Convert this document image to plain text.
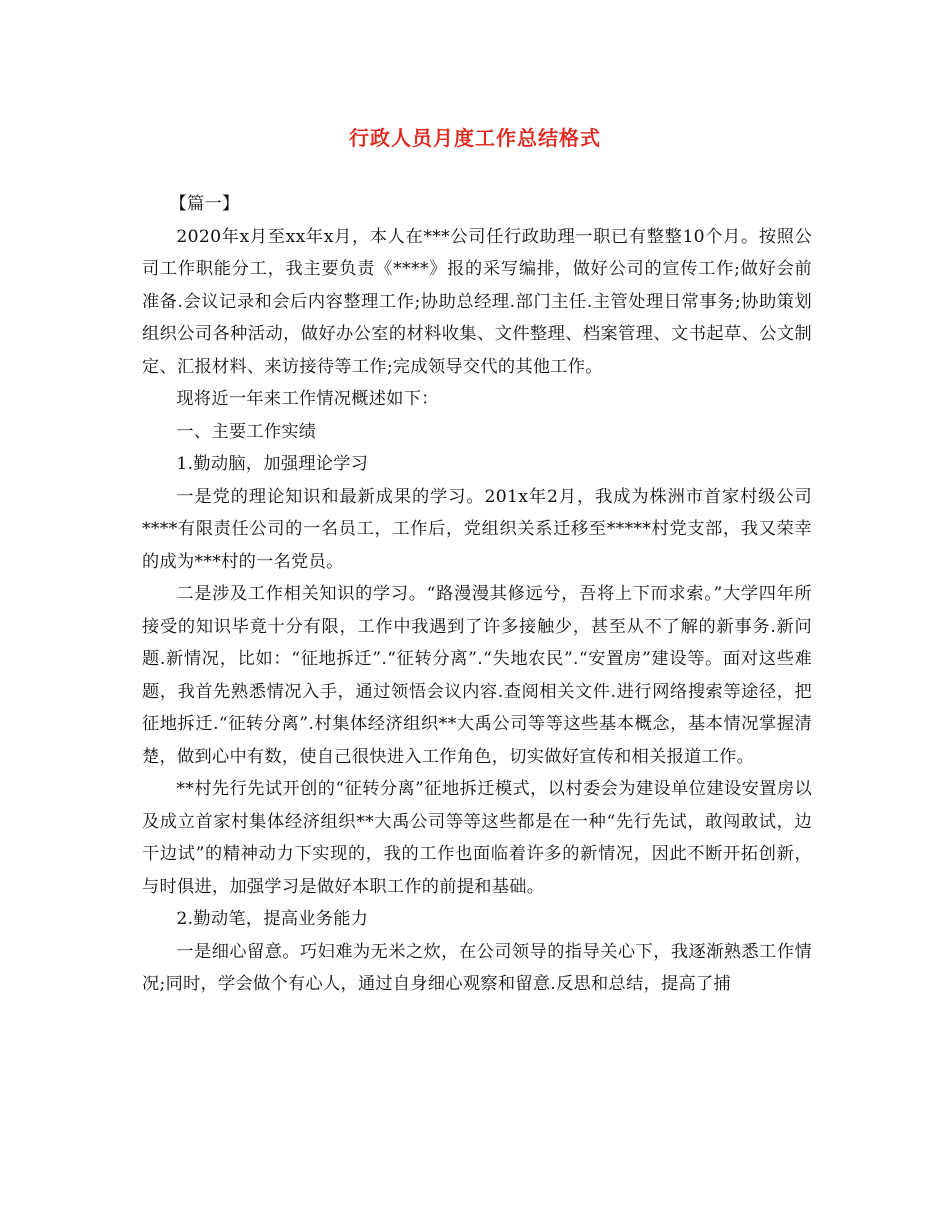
行政人员月度工作总结格式

【篇一】

2020年x月至xx年x月，本人在***公司任行政助理一职已有整整10个月。按照公司工作职能分工，我主要负责《****》报的采写编排，做好公司的宣传工作;做好会前准备.会议记录和会后内容整理工作;协助总经理.部门主任.主管处理日常事务;协助策划组织公司各种活动，做好办公室的材料收集、文件整理、档案管理、文书起草、公文制定、汇报材料、来访接待等工作;完成领导交代的其他工作。

现将近一年来工作情况概述如下：

一、主要工作实绩

1.勤动脑，加强理论学习

一是党的理论知识和最新成果的学习。201x年2月，我成为株洲市首家村级公司****有限责任公司的一名员工，工作后，党组织关系迁移至*****村党支部，我又荣幸的成为***村的一名党员。

二是涉及工作相关知识的学习。“路漫漫其修远兮，吾将上下而求索。”大学四年所接受的知识毕竟十分有限，工作中我遇到了许多接触少，甚至从不了解的新事务.新问题.新情况，比如：“征地拆迁”.“征转分离”.“失地农民”.“安置房”建设等。面对这些难题，我首先熟悉情况入手，通过领悟会议内容.查阅相关文件.进行网络搜索等途径，把征地拆迁.“征转分离”.村集体经济组织**大禹公司等等这些基本概念，基本情况掌握清楚，做到心中有数，使自己很快进入工作角色，切实做好宣传和相关报道工作。

**村先行先试开创的“征转分离”征地拆迁模式，以村委会为建设单位建设安置房以及成立首家村集体经济组织**大禹公司等等这些都是在一种“先行先试，敢闯敢试，边干边试”的精神动力下实现的，我的工作也面临着许多的新情况，因此不断开拓创新，与时俱进，加强学习是做好本职工作的前提和基础。

2.勤动笔，提高业务能力

一是细心留意。巧妇难为无米之炊，在公司领导的指导关心下，我逐渐熟悉工作情况;同时，学会做个有心人，通过自身细心观察和留意.反思和总结，提高了捕
